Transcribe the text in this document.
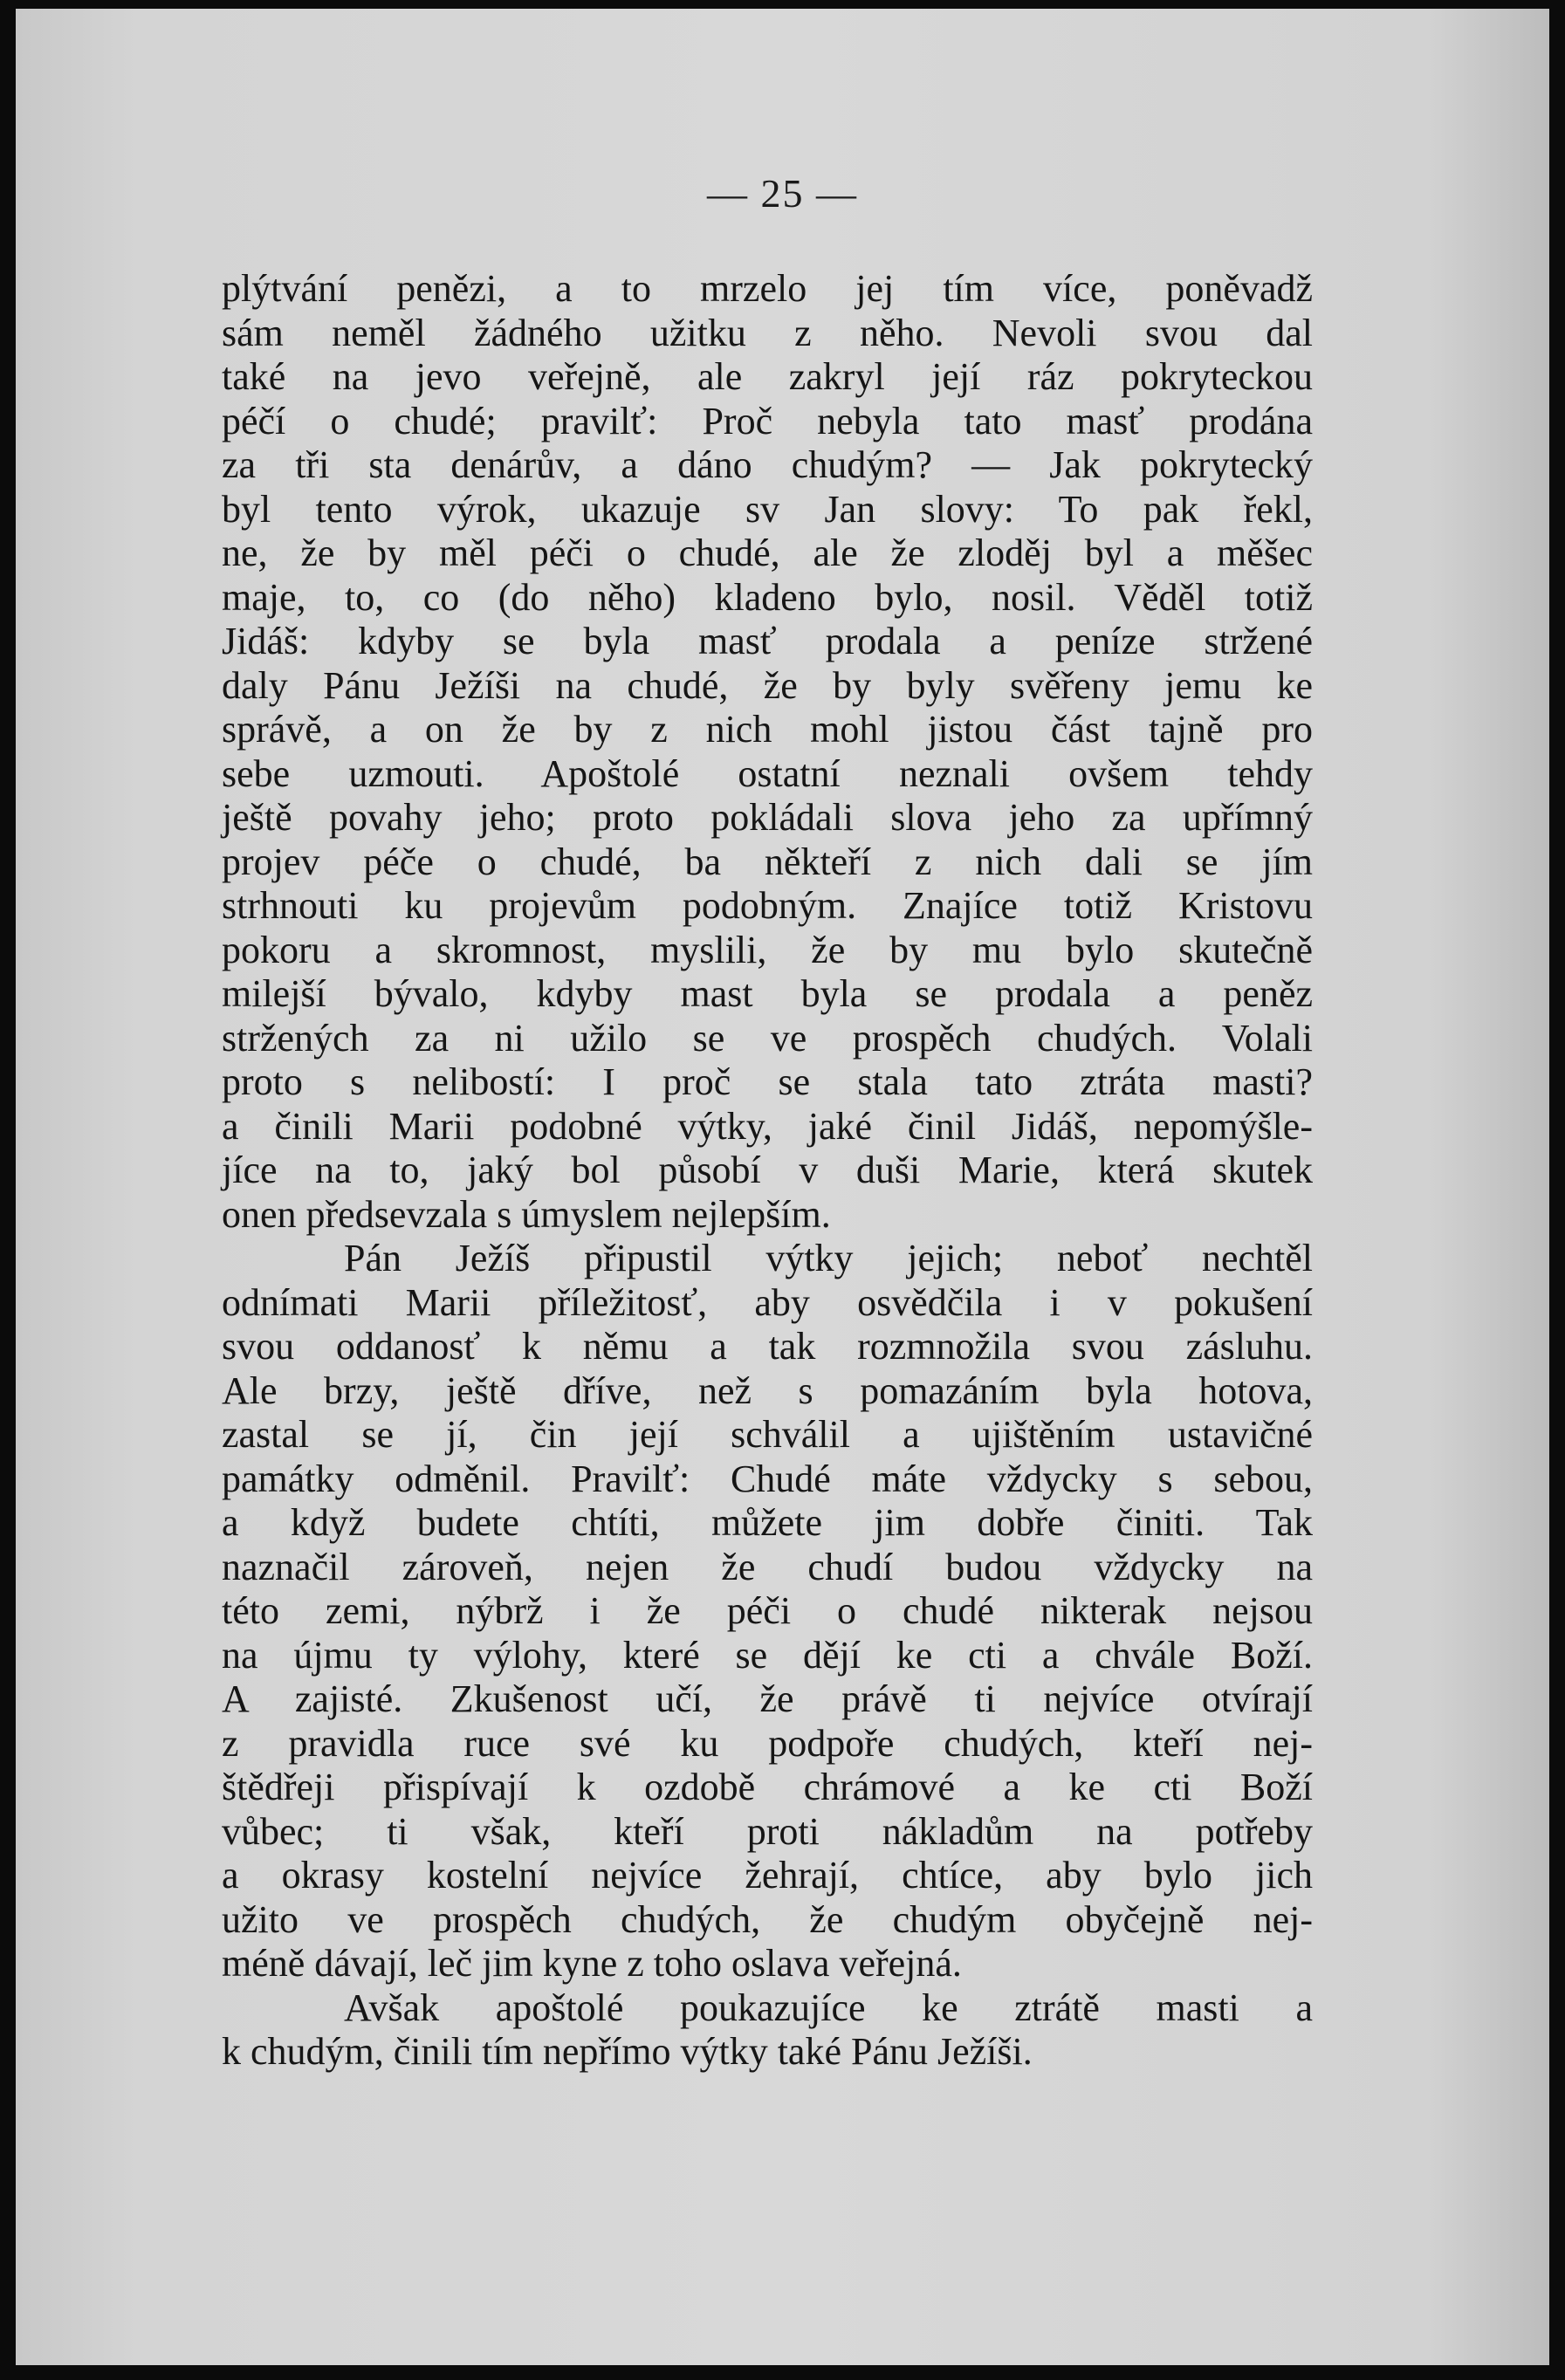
— 25 —
plýtvání penězi, a to mrzelo jej tím více, poněvadž
sám neměl žádného užitku z něho. Nevoli svou dal
také na jevo veřejně, ale zakryl její ráz pokryteckou
péčí o chudé; pravilť: Proč nebyla tato masť prodána
za tři sta denárův, a dáno chudým? — Jak pokrytecký
byl tento výrok, ukazuje sv Jan slovy: To pak řekl,
ne, že by měl péči o chudé, ale že zloděj byl a měšec
maje, to, co (do něho) kladeno bylo, nosil. Věděl totiž
Jidáš: kdyby se byla masť prodala a peníze stržené
daly Pánu Ježíši na chudé, že by byly svěřeny jemu ke
správě, a on že by z nich mohl jistou část tajně pro
sebe uzmouti. Apoštolé ostatní neznali ovšem tehdy
ještě povahy jeho; proto pokládali slova jeho za upřímný
projev péče o chudé, ba někteří z nich dali se jím
strhnouti ku projevům podobným. Znajíce totiž Kristovu
pokoru a skromnost, myslili, že by mu bylo skutečně
milejší bývalo, kdyby mast byla se prodala a peněz
stržených za ni užilo se ve prospěch chudých. Volali
proto s nelibostí: I proč se stala tato ztráta masti?
a činili Marii podobné výtky, jaké činil Jidáš, nepomýšle-
jíce na to, jaký bol působí v duši Marie, která skutek
onen předsevzala s úmyslem nejlepším.
Pán Ježíš připustil výtky jejich; neboť nechtěl
odnímati Marii příležitosť, aby osvědčila i v pokušení
svou oddanosť k němu a tak rozmnožila svou zásluhu.
Ale brzy, ještě dříve, než s pomazáním byla hotova,
zastal se jí, čin její schválil a ujištěním ustavičné
památky odměnil. Pravilť: Chudé máte vždycky s sebou,
a když budete chtíti, můžete jim dobře činiti. Tak
naznačil zároveň, nejen že chudí budou vždycky na
této zemi, nýbrž i že péči o chudé nikterak nejsou
na újmu ty výlohy, které se dějí ke cti a chvále Boží.
A zajisté. Zkušenost učí, že právě ti nejvíce otvírají
z pravidla ruce své ku podpoře chudých, kteří nej-
štědřeji přispívají k ozdobě chrámové a ke cti Boží
vůbec; ti však, kteří proti nákladům na potřeby
a okrasy kostelní nejvíce žehrají, chtíce, aby bylo jich
užito ve prospěch chudých, že chudým obyčejně nej-
méně dávají, leč jim kyne z toho oslava veřejná.
Avšak apoštolé poukazujíce ke ztrátě masti a
k chudým, činili tím nepřímo výtky také Pánu Ježíši.
